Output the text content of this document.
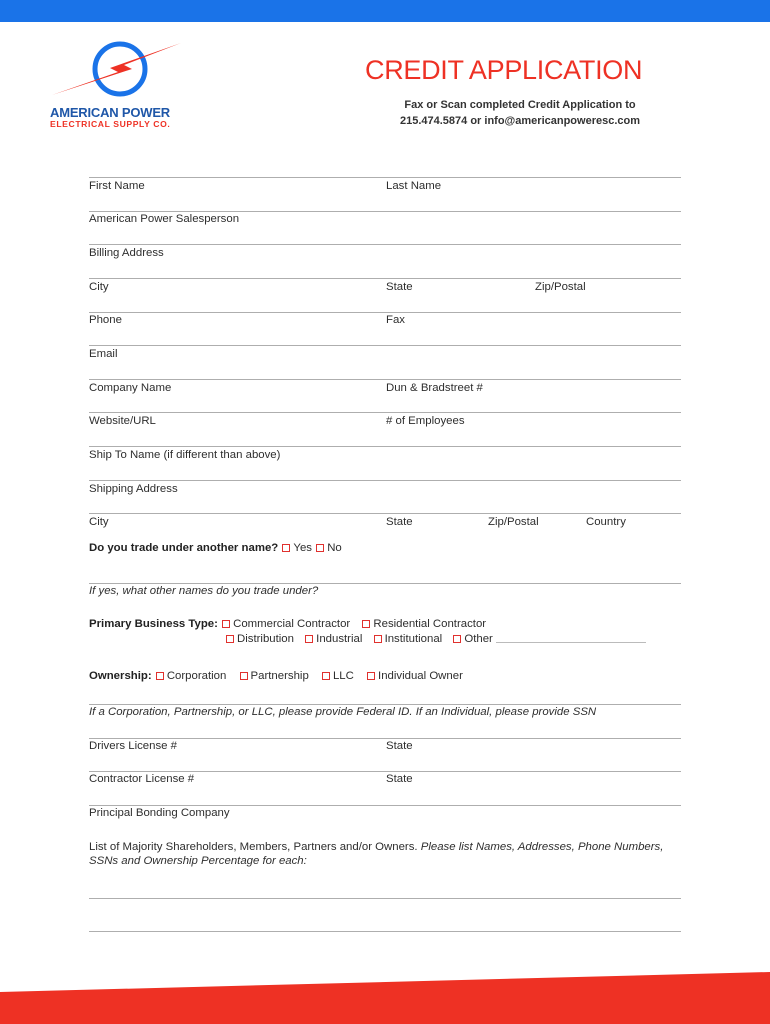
AMERICAN POWER
ELECTRICAL SUPPLY CO.
CREDIT APPLICATION
Fax or Scan completed Credit Application to
215.474.5874 or info@americanpoweresc.com
First Name	Last Name
American Power Salesperson
Billing Address
City	State	Zip/Postal
Phone	Fax
Email
Company Name	Dun & Bradstreet #
Website/URL	# of Employees
Ship To Name (if different than above)
Shipping Address
City	State	Zip/Postal	Country
Do you trade under another name? Yes No
If yes, what other names do you trade under?
Primary Business Type: Commercial Contractor Residential Contractor
Distribution Industrial Institutional Other
Ownership: Corporation Partnership LLC Individual Owner
If a Corporation, Partnership, or LLC, please provide Federal ID. If an Individual, please provide SSN
Drivers License #	State
Contractor License #	State
Principal Bonding Company
List of Majority Shareholders, Members, Partners and/or Owners. Please list Names, Addresses, Phone Numbers, SSNs and Ownership Percentage for each:
